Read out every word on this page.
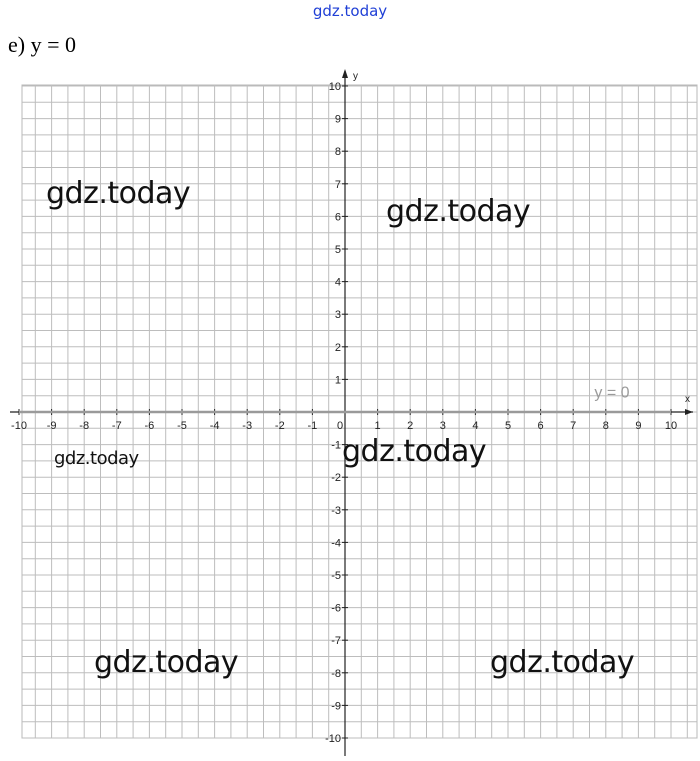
gdz.today
е) y = 0
x
y
-10 -9 -8 -7 -6 -5 -4 -3 -2 -1 0	1 2 3 4 5 6 7 8 9 10
-10
-9
-8
-7
-6
-5
-4
-3
-2
-1
1
2
3
4
5
6
7
8
9
10
y = 0
gdz.today
gdz.today
gdz.today	gdz.today
gdz.today	gdz.today
